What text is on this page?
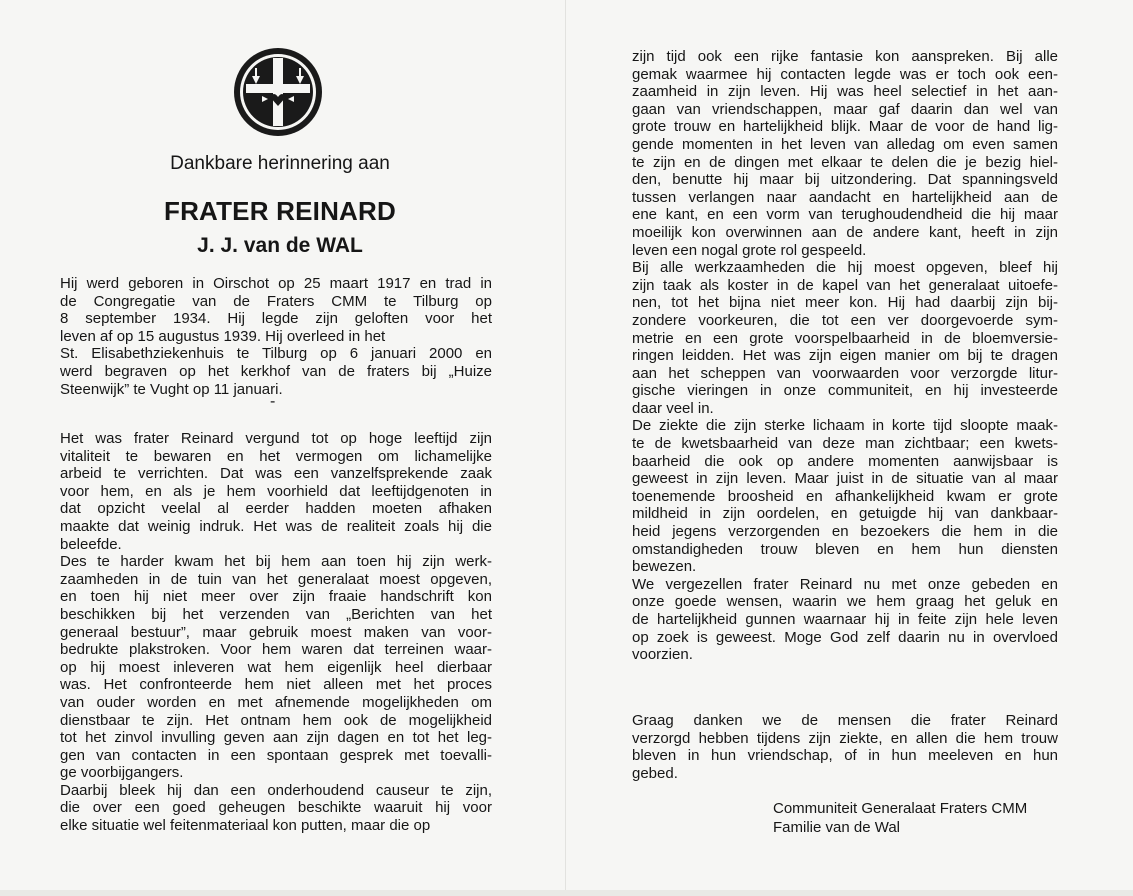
Dankbare herinnering aan
FRATER REINARD
J. J. van de WAL
Hij werd geboren in Oirschot op 25 maart 1917 en trad in
de Congregatie van de Fraters CMM te Tilburg op
8 september 1934. Hij legde zijn geloften voor het
leven af op 15 augustus 1939. Hij overleed in het
St. Elisabethziekenhuis te Tilburg op 6 januari 2000 en
werd begraven op het kerkhof van de fraters bij „Huize
Steenwijk” te Vught op 11 januari.
-
Het was frater Reinard vergund tot op hoge leeftijd zijn
vitaliteit te bewaren en het vermogen om lichamelijke
arbeid te verrichten. Dat was een vanzelfsprekende zaak
voor hem, en als je hem voorhield dat leeftijdgenoten in
dat opzicht veelal al eerder hadden moeten afhaken
maakte dat weinig indruk. Het was de realiteit zoals hij die
beleefde.
Des te harder kwam het bij hem aan toen hij zijn werk-
zaamheden in de tuin van het generalaat moest opgeven,
en toen hij niet meer over zijn fraaie handschrift kon
beschikken bij het verzenden van „Berichten van het
generaal bestuur”, maar gebruik moest maken van voor-
bedrukte plakstroken. Voor hem waren dat terreinen waar-
op hij moest inleveren wat hem eigenlijk heel dierbaar
was. Het confronteerde hem niet alleen met het proces
van ouder worden en met afnemende mogelijkheden om
dienstbaar te zijn. Het ontnam hem ook de mogelijkheid
tot het zinvol invulling geven aan zijn dagen en tot het leg-
gen van contacten in een spontaan gesprek met toevalli-
ge voorbijgangers.
Daarbij bleek hij dan een onderhoudend causeur te zijn,
die over een goed geheugen beschikte waaruit hij voor
elke situatie wel feitenmateriaal kon putten, maar die op
zijn tijd ook een rijke fantasie kon aanspreken. Bij alle
gemak waarmee hij contacten legde was er toch ook een-
zaamheid in zijn leven. Hij was heel selectief in het aan-
gaan van vriendschappen, maar gaf daarin dan wel van
grote trouw en hartelijkheid blijk. Maar de voor de hand lig-
gende momenten in het leven van alledag om even samen
te zijn en de dingen met elkaar te delen die je bezig hiel-
den, benutte hij maar bij uitzondering. Dat spanningsveld
tussen verlangen naar aandacht en hartelijkheid aan de
ene kant, en een vorm van terughoudendheid die hij maar
moeilijk kon overwinnen aan de andere kant, heeft in zijn
leven een nogal grote rol gespeeld.
Bij alle werkzaamheden die hij moest opgeven, bleef hij
zijn taak als koster in de kapel van het generalaat uitoefe-
nen, tot het bijna niet meer kon. Hij had daarbij zijn bij-
zondere voorkeuren, die tot een ver doorgevoerde sym-
metrie en een grote voorspelbaarheid in de bloemversie-
ringen leidden. Het was zijn eigen manier om bij te dragen
aan het scheppen van voorwaarden voor verzorgde litur-
gische vieringen in onze communiteit, en hij investeerde
daar veel in.
De ziekte die zijn sterke lichaam in korte tijd sloopte maak-
te de kwetsbaarheid van deze man zichtbaar; een kwets-
baarheid die ook op andere momenten aanwijsbaar is
geweest in zijn leven. Maar juist in de situatie van al maar
toenemende broosheid en afhankelijkheid kwam er grote
mildheid in zijn oordelen, en getuigde hij van dankbaar-
heid jegens verzorgenden en bezoekers die hem in die
omstandigheden trouw bleven en hem hun diensten
bewezen.
We vergezellen frater Reinard nu met onze gebeden en
onze goede wensen, waarin we hem graag het geluk en
de hartelijkheid gunnen waarnaar hij in feite zijn hele leven
op zoek is geweest. Moge God zelf daarin nu in overvloed
voorzien.
Graag danken we de mensen die frater Reinard
verzorgd hebben tijdens zijn ziekte, en allen die hem trouw
bleven in hun vriendschap, of in hun meeleven en hun
gebed.
Communiteit Generalaat Fraters CMM
Familie van de Wal
